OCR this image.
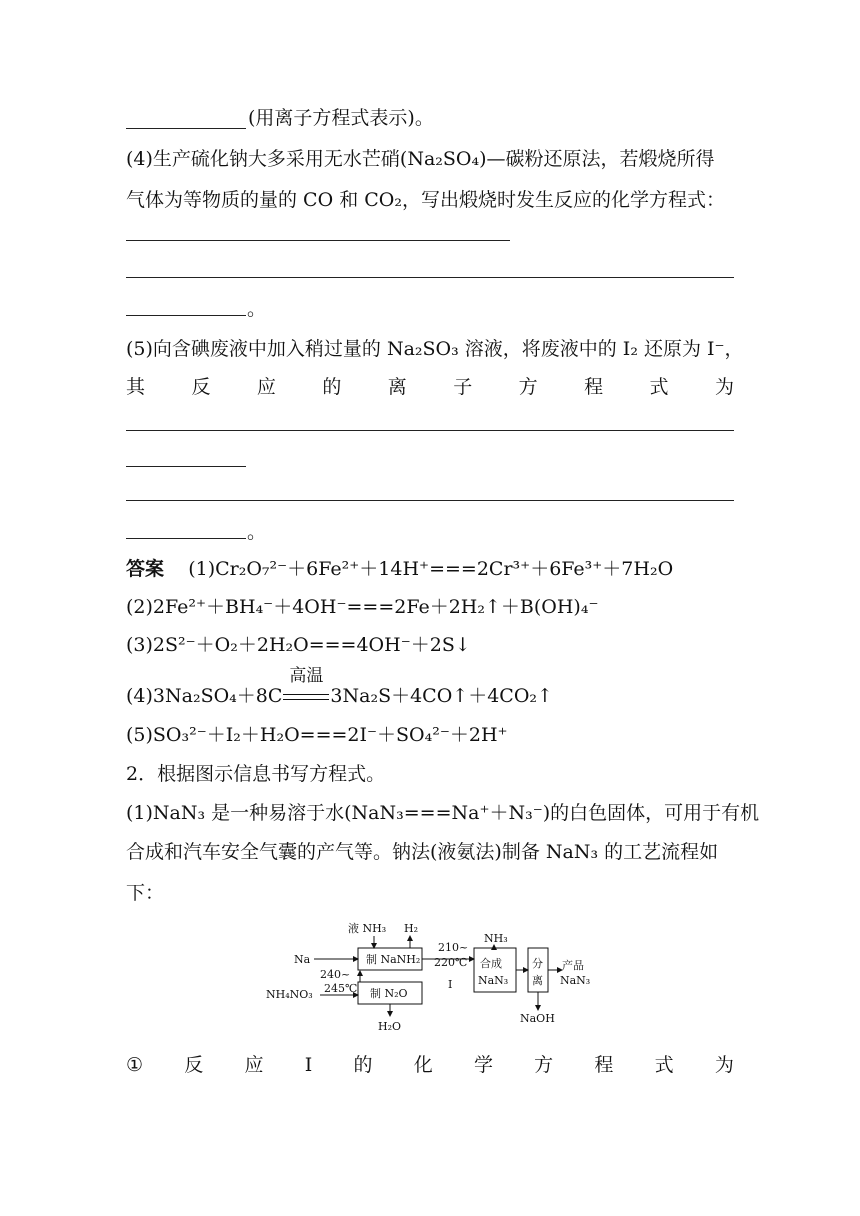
(用离子方程式表示)。
(4)生产硫化钠大多采用无水芒硝(Na₂SO₄)—碳粉还原法，若煅烧所得
气体为等物质的量的 CO 和 CO₂，写出煅烧时发生反应的化学方程式：
。
(5)向含碘废液中加入稍过量的 Na₂SO₃ 溶液，将废液中的 I₂ 还原为 I⁻，
其 反 应 的 离 子 方 程 式 为
。
答案 (1)Cr₂O₇²⁻＋6Fe²⁺＋14H⁺===2Cr³⁺＋6Fe³⁺＋7H₂O
(2)2Fe²⁺＋BH₄⁻＋4OH⁻===2Fe＋2H₂↑＋B(OH)₄⁻
(3)2S²⁻＋O₂＋2H₂O===4OH⁻＋2S↓
(4)3Na₂SO₄＋8C
高温
3Na₂S＋4CO↑＋4CO₂↑
(5)SO₃²⁻＋I₂＋H₂O===2I⁻＋SO₄²⁻＋2H⁺
2．根据图示信息书写方程式。
(1)NaN₃ 是一种易溶于水(NaN₃===Na⁺＋N₃⁻)的白色固体，可用于有机
合成和汽车安全气囊的产气等。钠法(液氨法)制备 NaN₃ 的工艺流程如
下：
液 NH₃ H₂
Na	制 NaNH₂
240~
245℃
NH₄NO₃	制 N₂O
H₂O
210~
220℃
Ⅰ
NH₃
合成
NaN₃
分
离
产品
NaN₃
NaOH
① 反 应 Ⅰ 的 化 学 方 程 式 为
